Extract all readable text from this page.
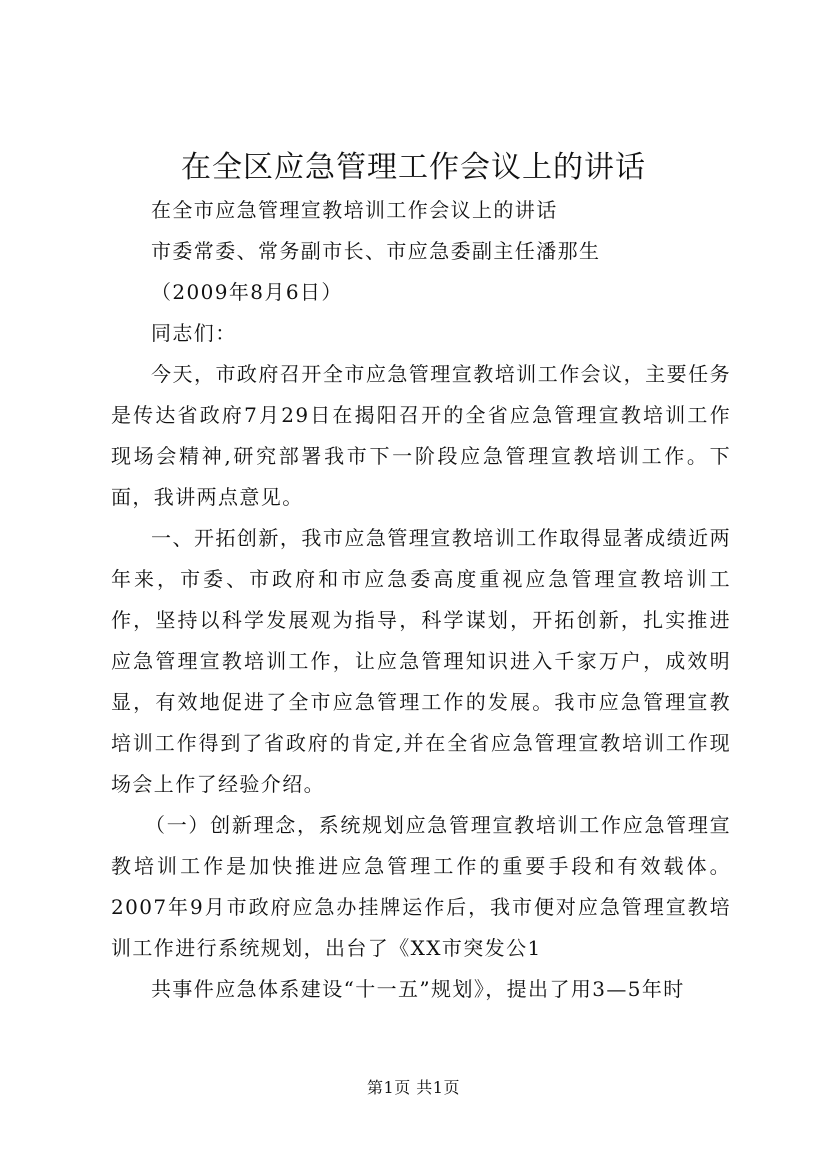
在全区应急管理工作会议上的讲话

在全市应急管理宣教培训工作会议上的讲话

市委常委、常务副市长、市应急委副主任潘那生

（2009年8月6日）

同志们：

今天，市政府召开全市应急管理宣教培训工作会议，主要任务是传达省政府7月29日在揭阳召开的全省应急管理宣教培训工作现场会精神,研究部署我市下一阶段应急管理宣教培训工作。下面，我讲两点意见。

一、开拓创新，我市应急管理宣教培训工作取得显著成绩近两年来，市委、市政府和市应急委高度重视应急管理宣教培训工作，坚持以科学发展观为指导，科学谋划，开拓创新，扎实推进应急管理宣教培训工作，让应急管理知识进入千家万户，成效明显，有效地促进了全市应急管理工作的发展。我市应急管理宣教培训工作得到了省政府的肯定,并在全省应急管理宣教培训工作现场会上作了经验介绍。

（一）创新理念，系统规划应急管理宣教培训工作应急管理宣教培训工作是加快推进应急管理工作的重要手段和有效载体。2007年9月市政府应急办挂牌运作后，我市便对应急管理宣教培训工作进行系统规划，出台了《XX市突发公1

共事件应急体系建设“十一五”规划》，提出了用3—5年时

第1页 共1页
